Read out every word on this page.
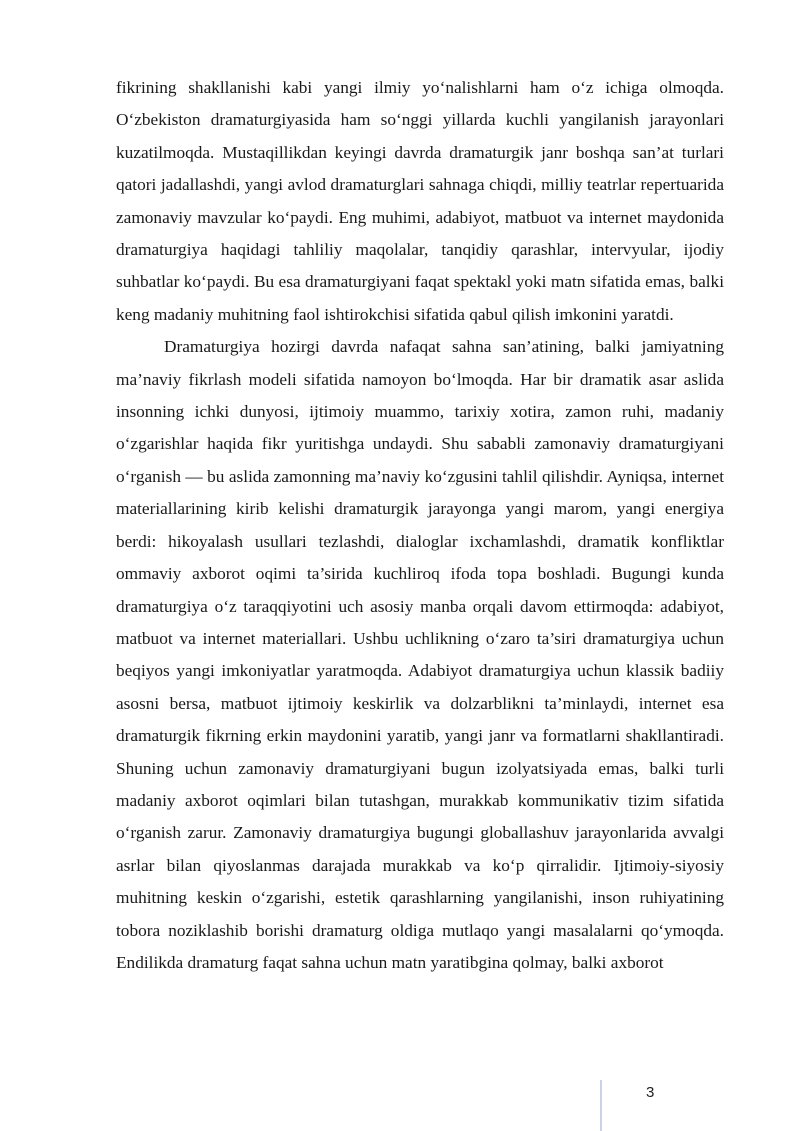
fikrining shakllanishi kabi yangi ilmiy yoʻnalishlarni ham oʻz ichiga olmoqda. Oʻzbekiston dramaturgiyasida ham soʻnggi yillarda kuchli yangilanish jarayonlari kuzatilmoqda. Mustaqillikdan keyingi davrda dramaturgik janr boshqa san’at turlari qatori jadallashdi, yangi avlod dramaturglari sahnaga chiqdi, milliy teatrlar repertuarida zamonaviy mavzular koʻpaydi. Eng muhimi, adabiyot, matbuot va internet maydonida dramaturgiya haqidagi tahliliy maqolalar, tanqidiy qarashlar, intervyular, ijodiy suhbatlar koʻpaydi. Bu esa dramaturgiyani faqat spektakl yoki matn sifatida emas, balki keng madaniy muhitning faol ishtirokchisi sifatida qabul qilish imkonini yaratdi.

Dramaturgiya hozirgi davrda nafaqat sahna san’atining, balki jamiyatning ma’naviy fikrlash modeli sifatida namoyon boʻlmoqda. Har bir dramatik asar aslida insonning ichki dunyosi, ijtimoiy muammo, tarixiy xotira, zamon ruhi, madaniy oʻzgarishlar haqida fikr yuritishga undaydi. Shu sababli zamonaviy dramaturgiyani oʻrganish — bu aslida zamonning ma’naviy koʻzgusini tahlil qilishdir. Ayniqsa, internet materiallarining kirib kelishi dramaturgik jarayonga yangi marom, yangi energiya berdi: hikoyalash usullari tezlashdi, dialoglar ixchamlashdi, dramatik konfliktlar ommaviy axborot oqimi ta’sirida kuchliroq ifoda topa boshladi. Bugungi kunda dramaturgiya oʻz taraqqiyotini uch asosiy manba orqali davom ettirmoqda: adabiyot, matbuot va internet materiallari. Ushbu uchlikning oʻzaro ta’siri dramaturgiya uchun beqiyos yangi imkoniyatlar yaratmoqda. Adabiyot dramaturgiya uchun klassik badiiy asosni bersa, matbuot ijtimoiy keskirlik va dolzarblikni ta’minlaydi, internet esa dramaturgik fikrning erkin maydonini yaratib, yangi janr va formatlarni shakllantiradi. Shuning uchun zamonaviy dramaturgiyani bugun izolyatsiyada emas, balki turli madaniy axborot oqimlari bilan tutashgan, murakkab kommunikativ tizim sifatida oʻrganish zarur. Zamonaviy dramaturgiya bugungi globallashuv jarayonlarida avvalgi asrlar bilan qiyoslanmas darajada murakkab va koʻp qirralidir. Ijtimoiy-siyosiy muhitning keskin oʻzgarishi, estetik qarashlarning yangilanishi, inson ruhiyatining tobora noziklashib borishi dramaturg oldiga mutlaqo yangi masalalarni qoʻymoqda. Endilikda dramaturg faqat sahna uchun matn yaratibgina qolmay, balki axborot

3
